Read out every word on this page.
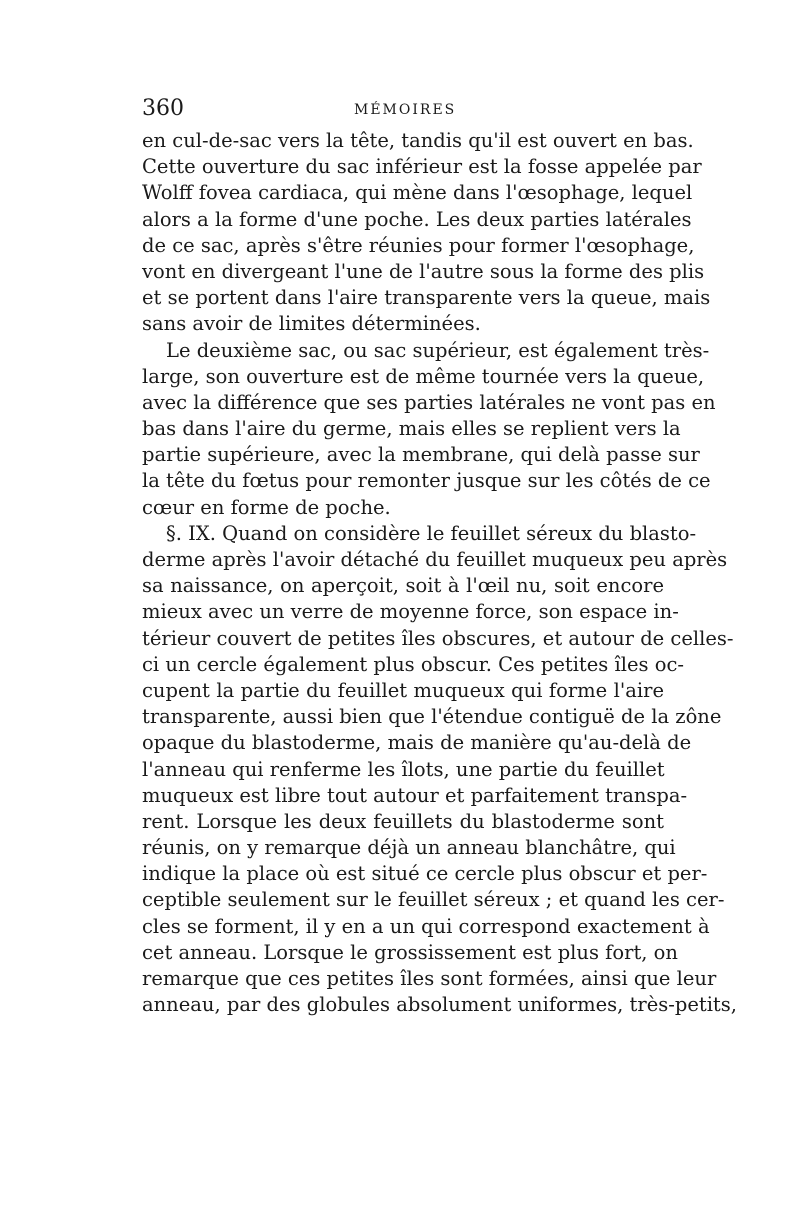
360	MÉMOIRES
en cul-de-sac vers la tête, tandis qu'il est ouvert en bas.
Cette ouverture du sac inférieur est la fosse appelée par
Wolff fovea cardiaca, qui mène dans l'œsophage, lequel
alors a la forme d'une poche. Les deux parties latérales
de ce sac, après s'être réunies pour former l'œsophage,
vont en divergeant l'une de l'autre sous la forme des plis
et se portent dans l'aire transparente vers la queue, mais
sans avoir de limites déterminées.
Le deuxième sac, ou sac supérieur, est également très-
large, son ouverture est de même tournée vers la queue,
avec la différence que ses parties latérales ne vont pas en
bas dans l'aire du germe, mais elles se replient vers la
partie supérieure, avec la membrane, qui delà passe sur
la tête du fœtus pour remonter jusque sur les côtés de ce
cœur en forme de poche.
§. IX. Quand on considère le feuillet séreux du blasto-
derme après l'avoir détaché du feuillet muqueux peu après
sa naissance, on aperçoit, soit à l'œil nu, soit encore
mieux avec un verre de moyenne force, son espace in-
térieur couvert de petites îles obscures, et autour de celles-
ci un cercle également plus obscur. Ces petites îles oc-
cupent la partie du feuillet muqueux qui forme l'aire
transparente, aussi bien que l'étendue contiguë de la zône
opaque du blastoderme, mais de manière qu'au-delà de
l'anneau qui renferme les îlots, une partie du feuillet
muqueux est libre tout autour et parfaitement transpa-
rent. Lorsque les deux feuillets du blastoderme sont
réunis, on y remarque déjà un anneau blanchâtre, qui
indique la place où est situé ce cercle plus obscur et per-
ceptible seulement sur le feuillet séreux ; et quand les cer-
cles se forment, il y en a un qui correspond exactement à
cet anneau. Lorsque le grossissement est plus fort, on
remarque que ces petites îles sont formées, ainsi que leur
anneau, par des globules absolument uniformes, très-petits,
